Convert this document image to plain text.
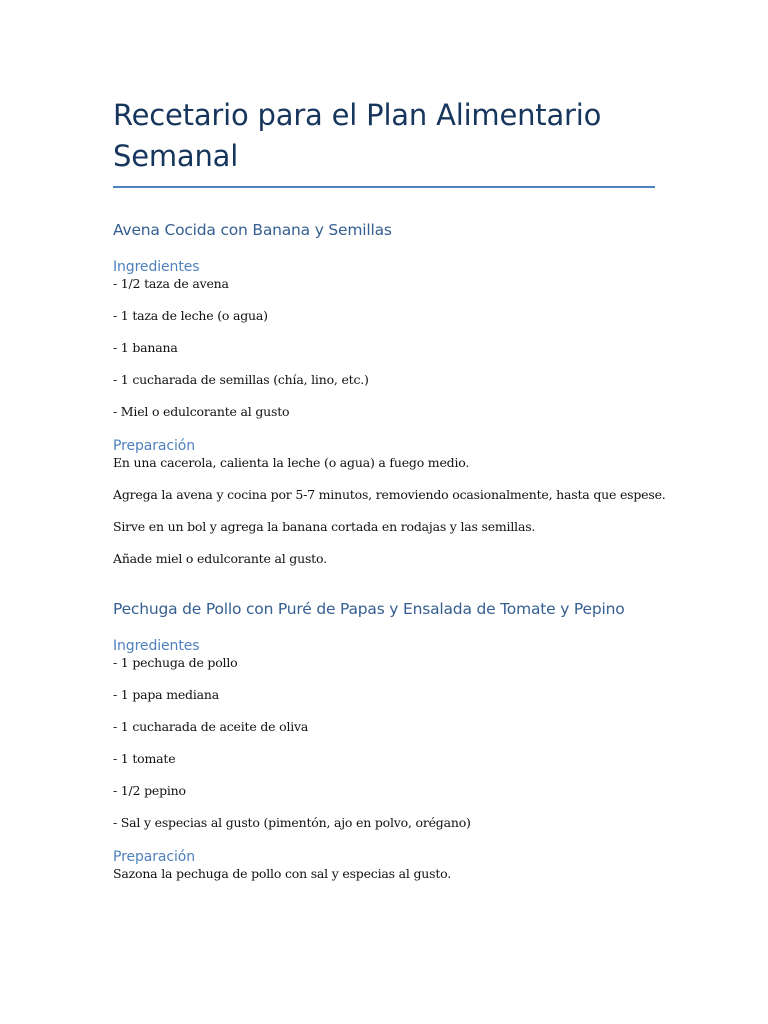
Recetario para el Plan Alimentario Semanal
Avena Cocida con Banana y Semillas
Ingredientes

- 1/2 taza de avena

- 1 taza de leche (o agua)

- 1 banana

- 1 cucharada de semillas (chía, lino, etc.)

- Miel o edulcorante al gusto

Preparación

En una cacerola, calienta la leche (o agua) a fuego medio.

Agrega la avena y cocina por 5-7 minutos, removiendo ocasionalmente, hasta que espese.

Sirve en un bol y agrega la banana cortada en rodajas y las semillas.

Añade miel o edulcorante al gusto.

Pechuga de Pollo con Puré de Papas y Ensalada de Tomate y Pepino
Ingredientes

- 1 pechuga de pollo

- 1 papa mediana

- 1 cucharada de aceite de oliva

- 1 tomate

- 1/2 pepino

- Sal y especias al gusto (pimentón, ajo en polvo, orégano)

Preparación

Sazona la pechuga de pollo con sal y especias al gusto.
